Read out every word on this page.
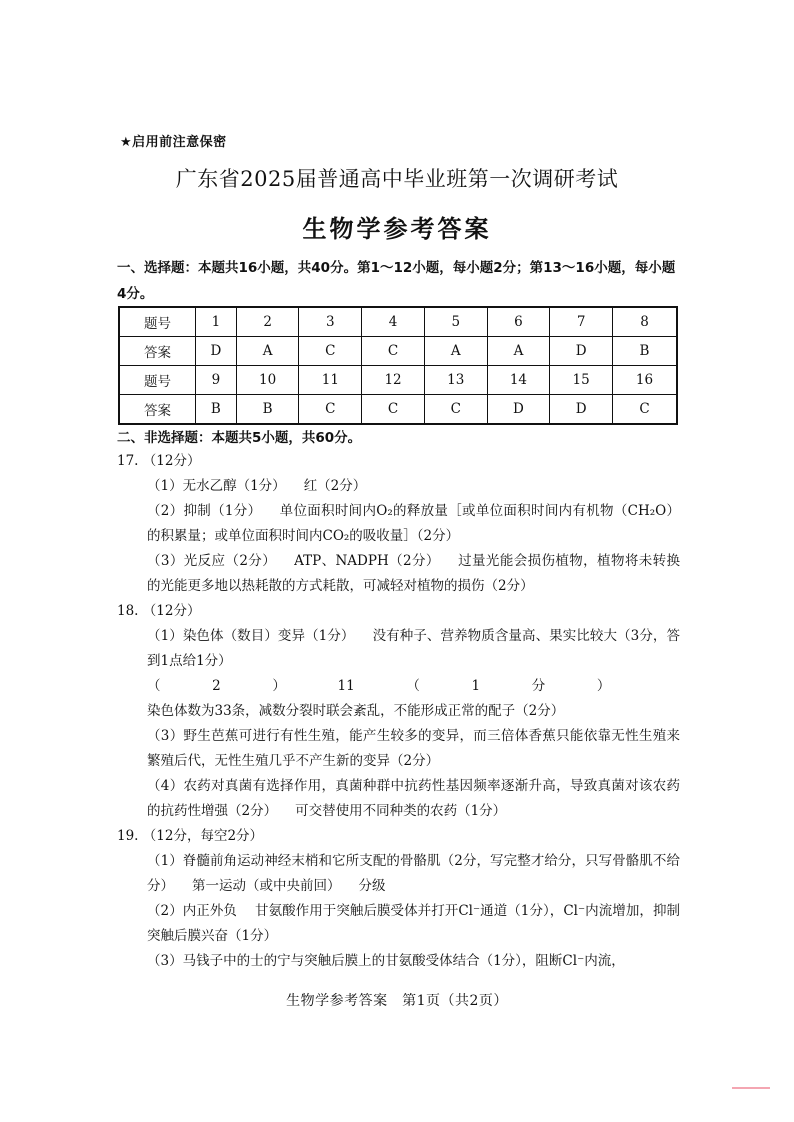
★启用前注意保密
广东省2025届普通高中毕业班第一次调研考试
生物学参考答案
一、选择题：本题共16小题，共40分。第1～12小题，每小题2分；第13～16小题，每小题4分。
题号	1	2	3	4	5	6	7	8
答案	D	A	C	C	A	A	D	B
题号	9	10	11	12	13	14	15	16
答案	B	B	C	C	C	D	D	C
二、非选择题：本题共5小题，共60分。

17. （12分）

（1）无水乙醇（1分） 红（2分）

（2）抑制（1分） 单位面积时间内O₂的释放量［或单位面积时间内有机物（CH₂O）的积累量；或单位面积时间内CO₂的吸收量］（2分）

（3）光反应（2分） ATP、NADPH（2分） 过量光能会损伤植物，植物将未转换的光能更多地以热耗散的方式耗散，可减轻对植物的损伤（2分）

18. （12分）

（1）染色体（数目）变异（1分） 没有种子、营养物质含量高、果实比较大（3分，答到1点给1分）

（2）11（1分）染色体数为33条，减数分裂时联会紊乱，不能形成正常的配子（2分）

（3）野生芭蕉可进行有性生殖，能产生较多的变异，而三倍体香蕉只能依靠无性生殖来繁殖后代，无性生殖几乎不产生新的变异（2分）

（4）农药对真菌有选择作用，真菌种群中抗药性基因频率逐渐升高，导致真菌对该农药的抗药性增强（2分） 可交替使用不同种类的农药（1分）

19. （12分，每空2分）

（1）脊髓前角运动神经末梢和它所支配的骨骼肌（2分，写完整才给分，只写骨骼肌不给分） 第一运动（或中央前回） 分级

（2）内正外负 甘氨酸作用于突触后膜受体并打开Cl⁻通道（1分），Cl⁻内流增加，抑制突触后膜兴奋（1分）

（3）马钱子中的士的宁与突触后膜上的甘氨酸受体结合（1分），阻断Cl⁻内流，

生物学参考答案　第1页（共2页）
